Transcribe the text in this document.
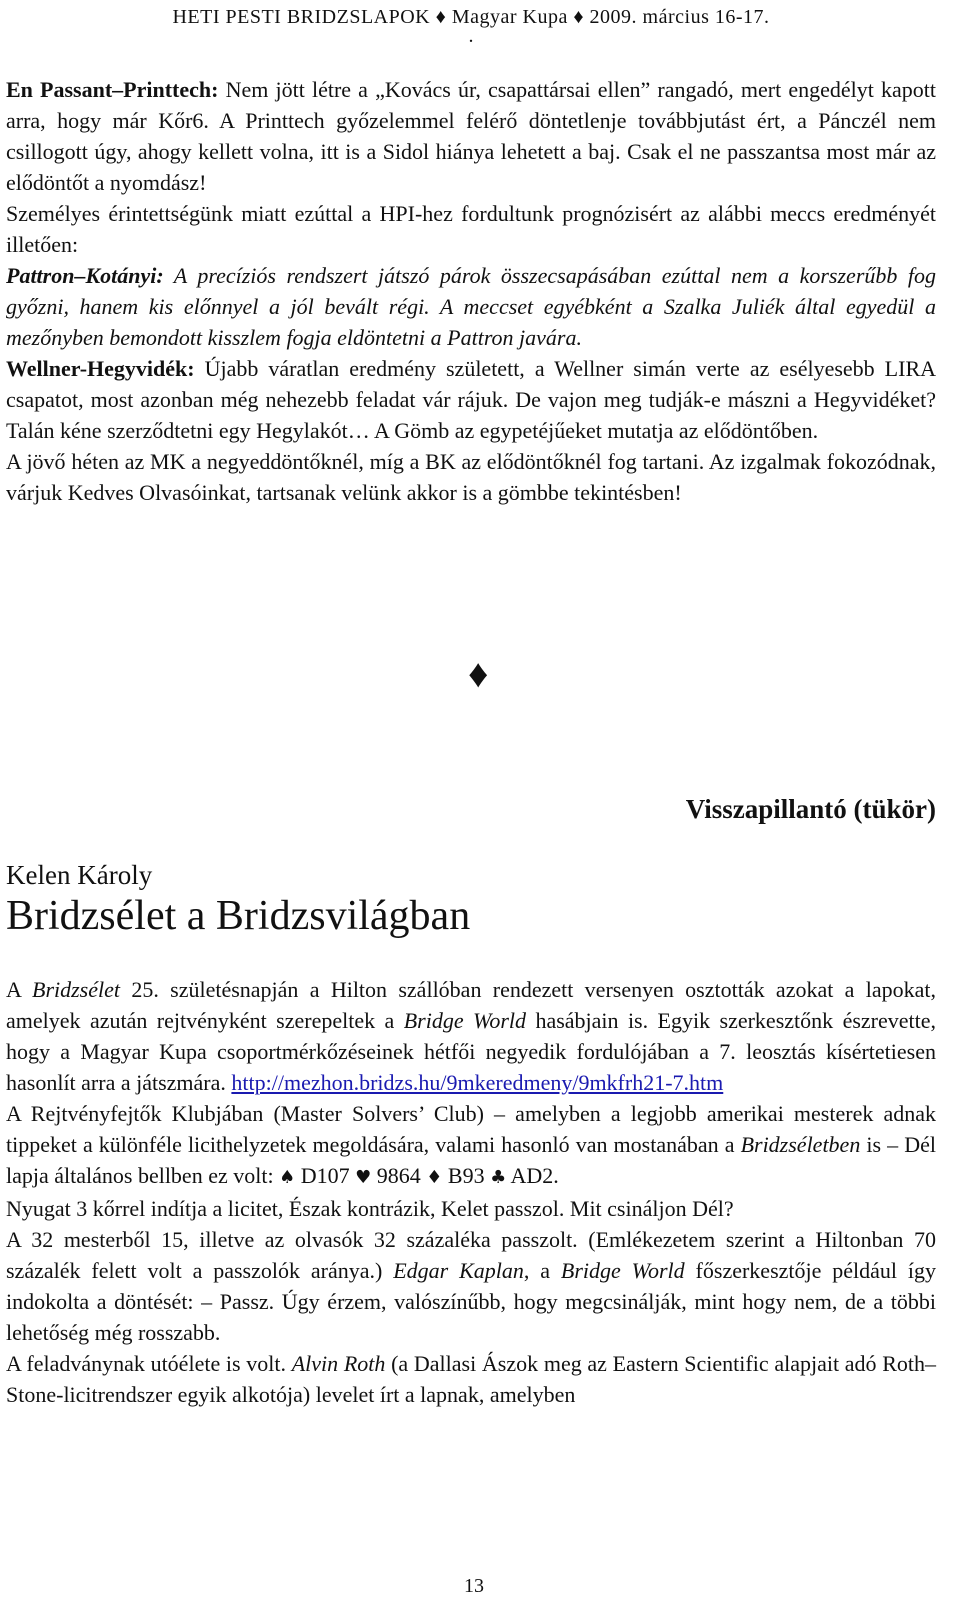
HETI PESTI BRIDZSLAPOK ♦ Magyar Kupa ♦ 2009. március 16-17.
.

En Passant–Printtech: Nem jött létre a „Kovács úr, csapattársai ellen” rangadó, mert engedélyt kapott arra, hogy már Kőr6. A Printtech győzelemmel felérő döntetlenje továbbjutást ért, a Pánczél nem csillogott úgy, ahogy kellett volna, itt is a Sidol hiánya lehetett a baj. Csak el ne passzantsa most már az elődöntőt a nyomdász!

Személyes érintettségünk miatt ezúttal a HPI-hez fordultunk prognózisért az alábbi meccs eredményét illetően:

Pattron–Kotányi: A precíziós rendszert játszó párok összecsapásában ezúttal nem a korszerűbb fog győzni, hanem kis előnnyel a jól bevált régi. A meccset egyébként a Szalka Juliék által egyedül a mezőnyben bemondott kisszlem fogja eldöntetni a Pattron javára.

Wellner-Hegyvidék: Újabb váratlan eredmény született, a Wellner simán verte az esélyesebb LIRA csapatot, most azonban még nehezebb feladat vár rájuk. De vajon meg tudják-e mászni a Hegyvidéket? Talán kéne szerződtetni egy Hegylakót… A Gömb az egypetéjűeket mutatja az elődöntőben.

A jövő héten az MK a negyeddöntőknél, míg a BK az elődöntőknél fog tartani. Az izgalmak fokozódnak, várjuk Kedves Olvasóinkat, tartsanak velünk akkor is a gömbbe tekintésben!

♦
Visszapillantó (tükör)
Kelen Károly
Bridzsélet a Bridzsvilágban

A Bridzsélet 25. születésnapján a Hilton szállóban rendezett versenyen osztották azokat a lapokat, amelyek azután rejtvényként szerepeltek a Bridge World hasábjain is. Egyik szerkesztőnk észrevette, hogy a Magyar Kupa csoportmérkőzéseinek hétfői negyedik fordulójában a 7. leosztás kísértetiesen hasonlít arra a játszmára. http://mezhon.bridzs.hu/9mkeredmeny/9mkfrh21-7.htm

A Rejtvényfejtők Klubjában (Master Solvers’ Club) – amelyben a legjobb amerikai mesterek adnak tippeket a különféle licithelyzetek megoldására, valami hasonló van mostanában a Bridzséletben is – Dél lapja általános bellben ez volt: ♠ D107 ♥ 9864 ♦ B93 ♣ AD2.

Nyugat 3 kőrrel indítja a licitet, Észak kontrázik, Kelet passzol. Mit csináljon Dél?

A 32 mesterből 15, illetve az olvasók 32 százaléka passzolt. (Emlékezetem szerint a Hiltonban 70 százalék felett volt a passzolók aránya.) Edgar Kaplan, a Bridge World főszerkesztője például így indokolta a döntését: – Passz. Úgy érzem, valószínűbb, hogy megcsinálják, mint hogy nem, de a többi lehetőség még rosszabb.

A feladványnak utóélete is volt. Alvin Roth (a Dallasi Ászok meg az Eastern Scientific alapjait adó Roth–Stone-licitrendszer egyik alkotója) levelet írt a lapnak, amelyben

13
